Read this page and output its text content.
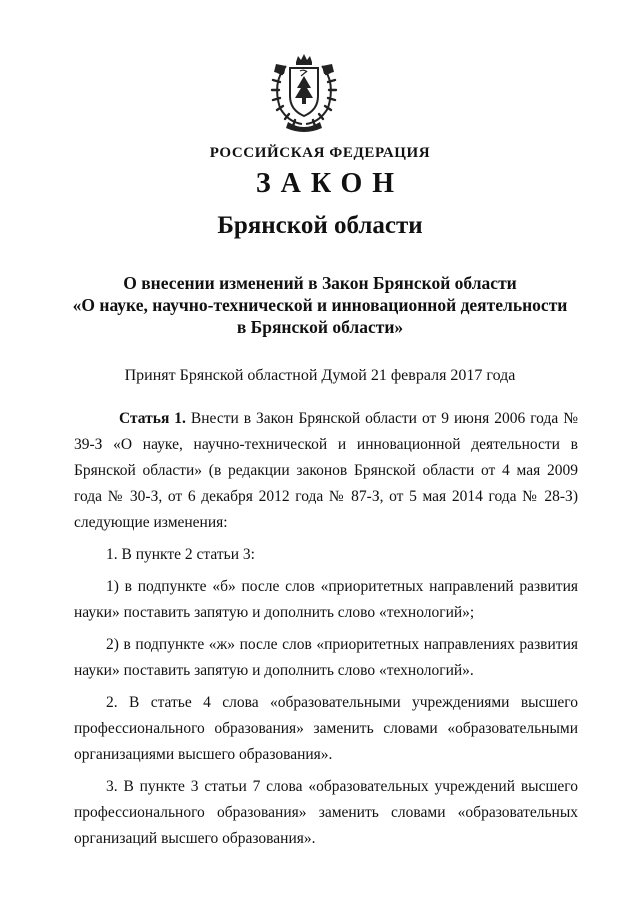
РОССИЙСКАЯ ФЕДЕРАЦИЯ
ЗАКОН
Брянской области
О внесении изменений в Закон Брянской области
«О науке, научно-технической и инновационной деятельности
в Брянской области»
Принят Брянской областной Думой 21 февраля 2017 года

Статья 1. Внести в Закон Брянской области от 9 июня 2006 года № 39-З «О науке, научно-технической и инновационной деятельности в Брянской области» (в редакции законов Брянской области от 4 мая 2009 года № 30-З, от 6 декабря 2012 года № 87-З, от 5 мая 2014 года № 28-З) следующие изменения:

1. В пункте 2 статьи 3:

1) в подпункте «б» после слов «приоритетных направлений развития науки» поставить запятую и дополнить слово «технологий»;

2) в подпункте «ж» после слов «приоритетных направлениях развития науки» поставить запятую и дополнить слово «технологий».

2. В статье 4 слова «образовательными учреждениями высшего профессионального образования» заменить словами «образовательными организациями высшего образования».

3. В пункте 3 статьи 7 слова «образовательных учреждений высшего профессионального образования» заменить словами «образовательных организаций высшего образования».
